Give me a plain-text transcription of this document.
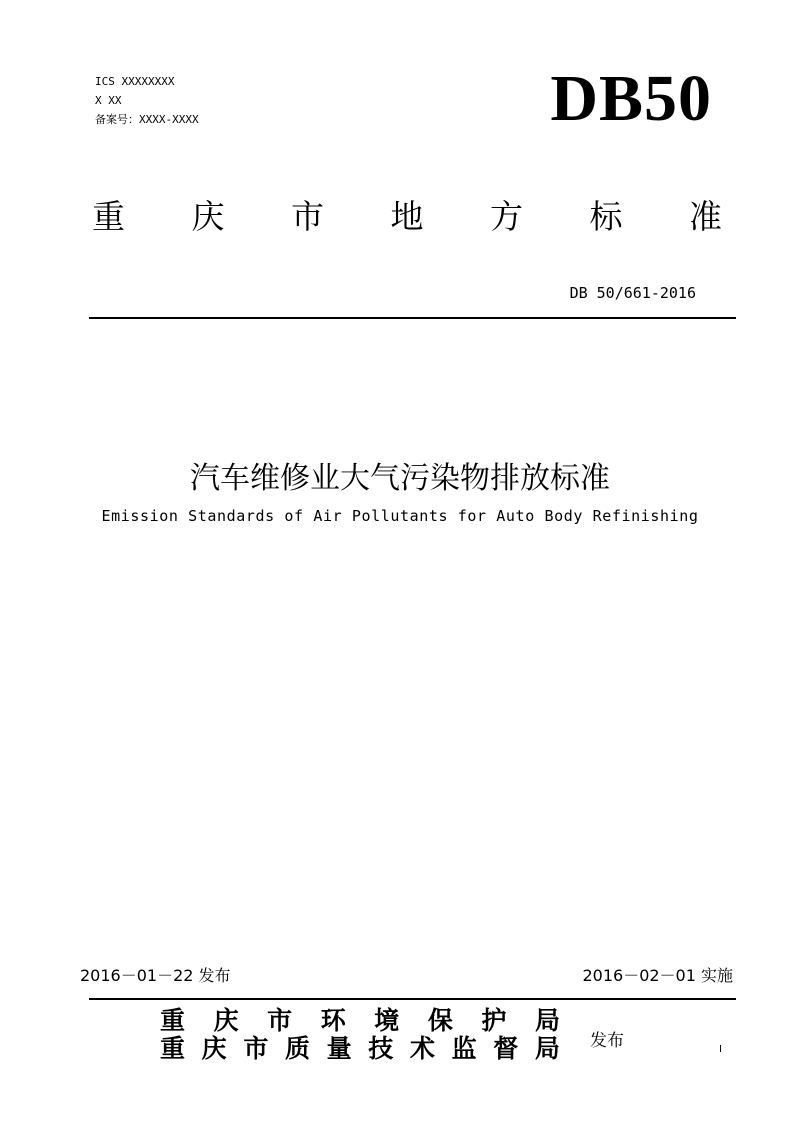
ICS XXXXXXXX
X XX
备案号：XXXX-XXXX	DB50
重 庆 市 地 方 标 准
DB 50/661-2016
汽车维修业大气污染物排放标准
Emission Standards of Air Pollutants for Auto Body Refinishing
2016－01－22 发布	2016－02－01 实施
重 庆 市 环 境 保 护 局
重 庆 市 质 量 技 术 监 督 局 发布	I
